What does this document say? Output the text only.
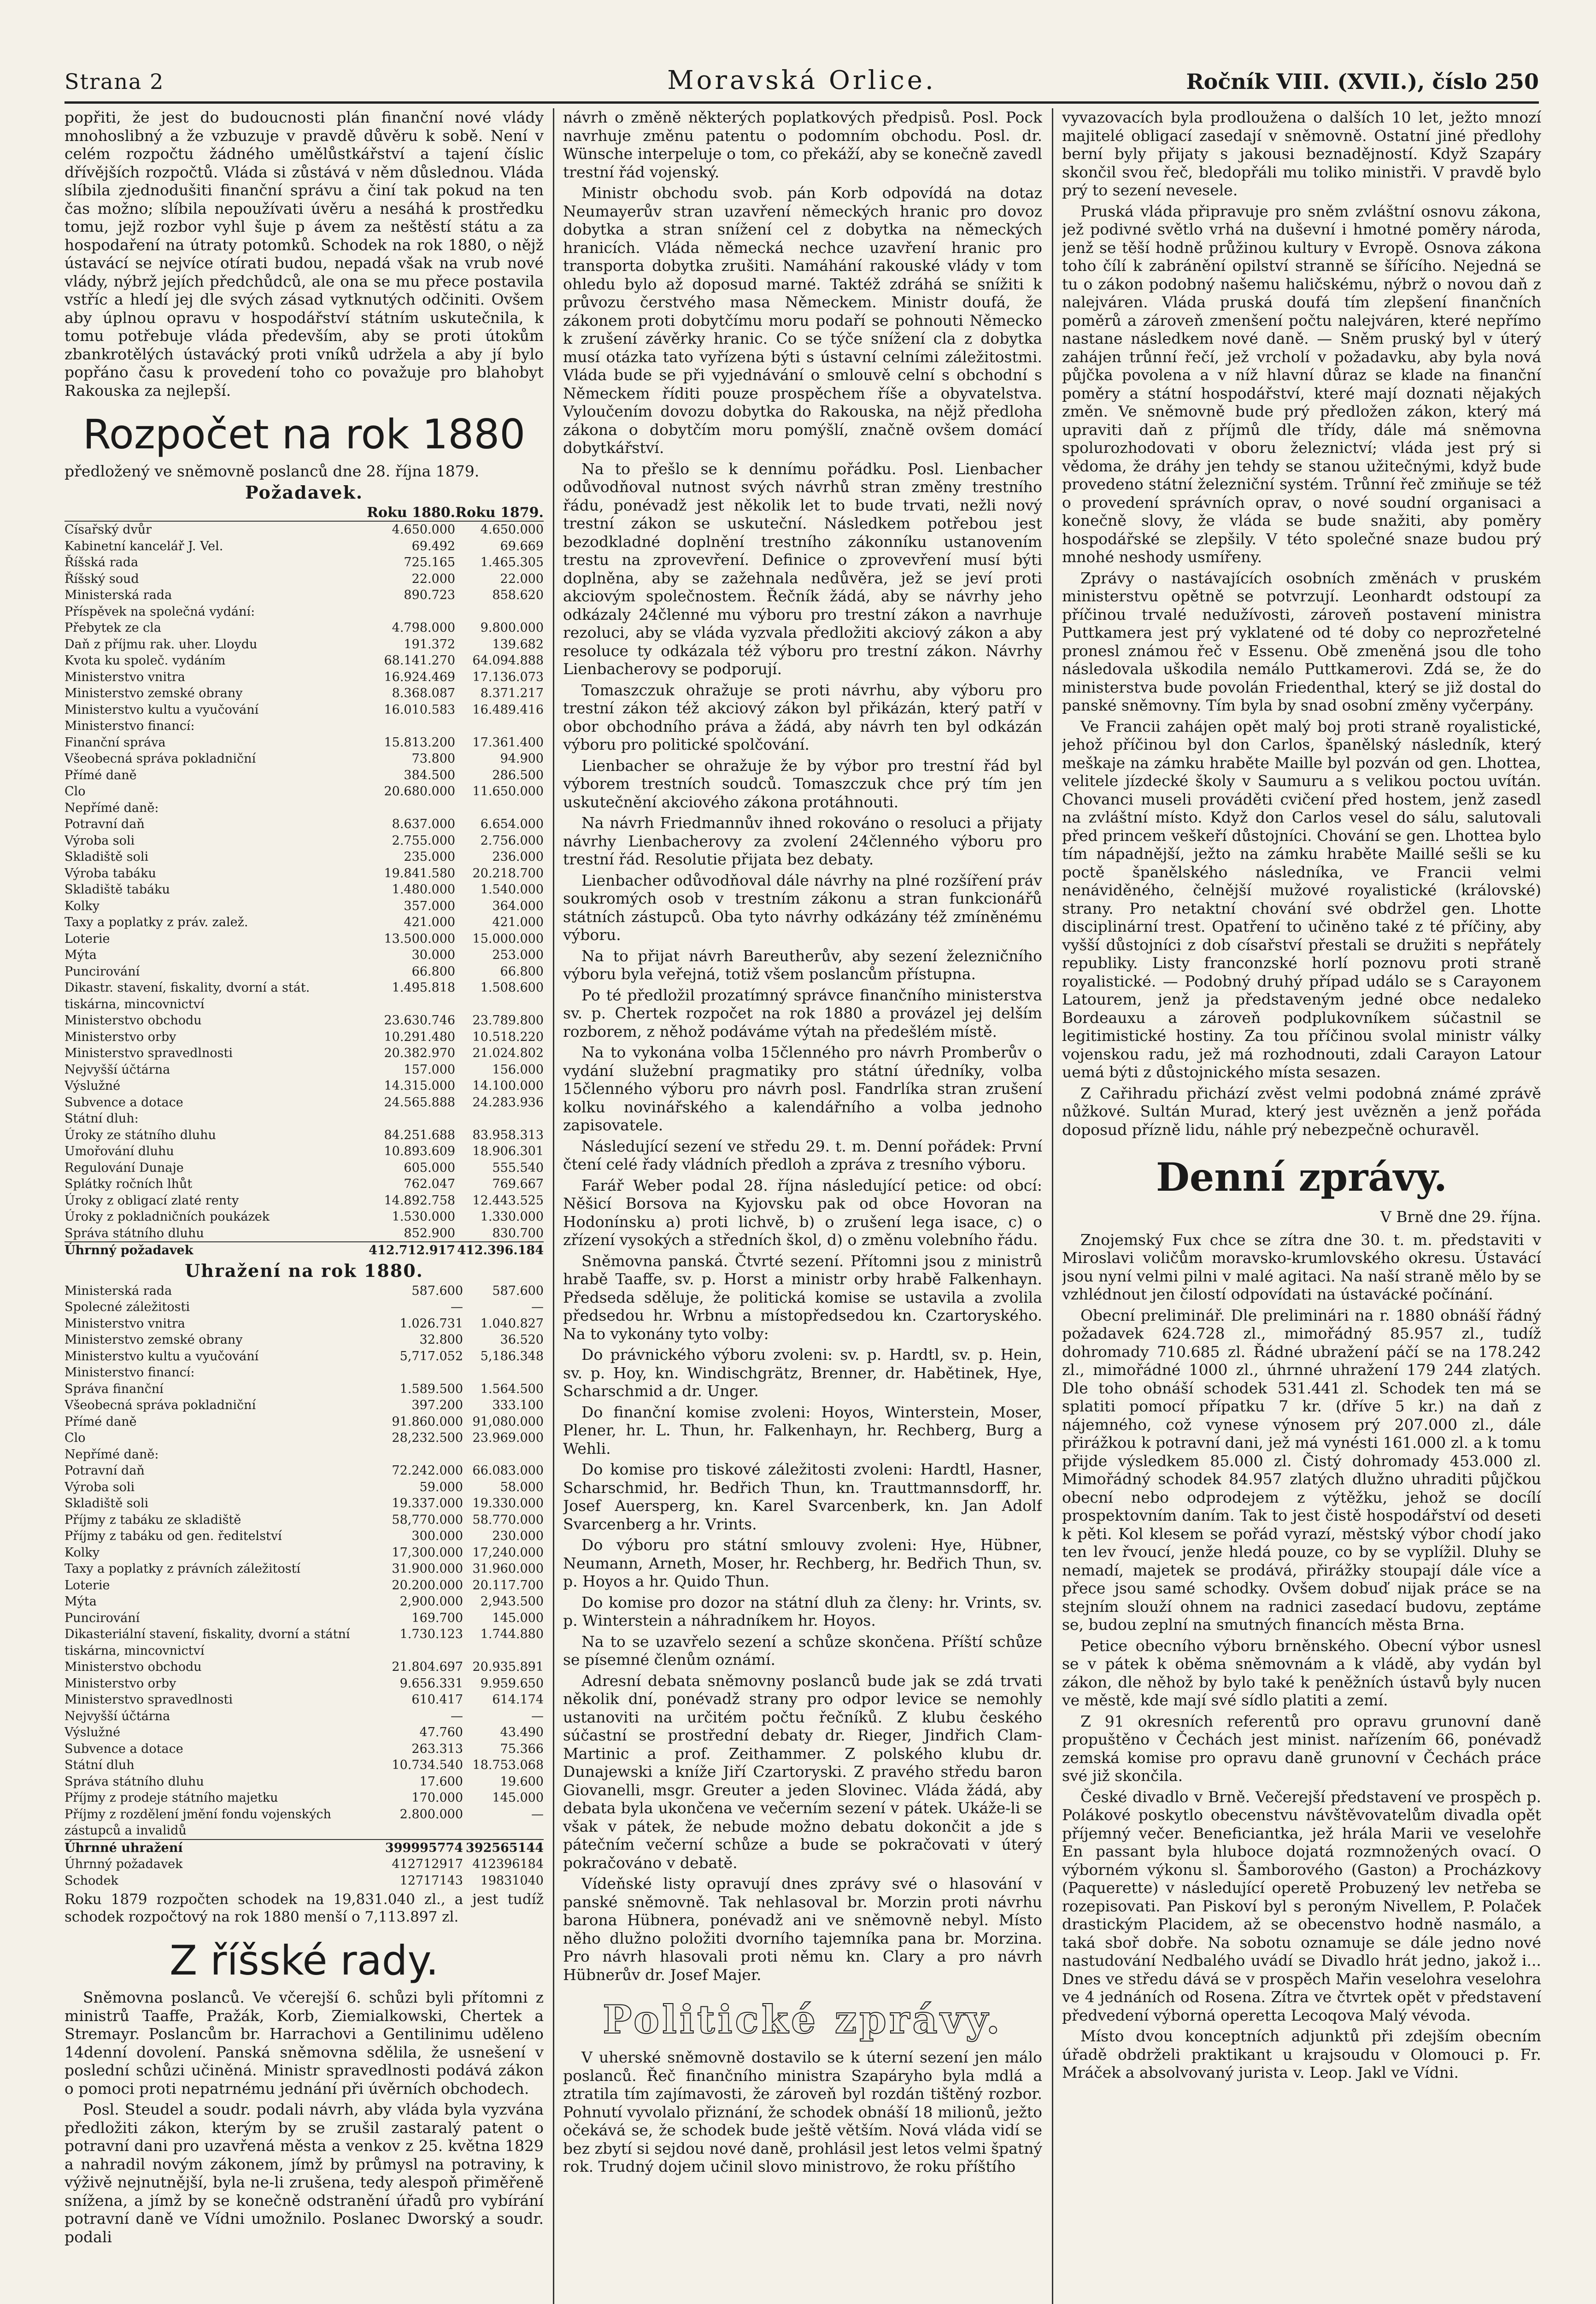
Strana 2	Moravská Orlice.	Ročník VIII. (XVII.), číslo 250

popřiti, že jest do budoucnosti plán finanční nové vlády mnohoslibný a že vzbuzuje v pravdě důvěru k sobě. Není v celém rozpočtu žádného umělůstkářství a tajení číslic dřívějších rozpočtů. Vláda si zůstává v něm důslednou. Vláda slíbila zjednodušiti finanční správu a činí tak pokud na ten čas možno; slíbila nepoužívati úvěru a nesáhá k prostředku tomu, jejž rozbor vyhl šuje p ávem za neštěstí státu a za hospodaření na útraty potomků. Schodek na rok 1880, o nějž ústavácí se nejvíce otírati budou, nepadá však na vrub nové vlády, nýbrž jejích předchůdců, ale ona se mu přece postavila vstříc a hledí jej dle svých zásad vytknutých odčiniti. Ovšem aby úplnou opravu v hospodářství státním uskutečnila, k tomu potřebuje vláda především, aby se proti útokům zbankrotělých ústavácký proti vníků udržela a aby jí bylo popřáno času k provedení toho co považuje pro blahobyt Rakouska za nejlepší.

Rozpočet na rok 1880
předložený ve sněmovně poslanců dne 28. října 1879.
Požadavek.
	Roku 1880.	Roku 1879.
Císařský dvůr	4.650.000	4.650.000
Kabinetní kancelář J. Vel.	69.492	69.669
Říšská rada	725.165	1.465.305
Říšský soud	22.000	22.000
Ministerská rada	890.723	858.620
Příspěvek na společná vydání:		
Přebytek ze cla	4.798.000	9.800.000
Daň z příjmu rak. uher. Lloydu	191.372	139.682
Kvota ku společ. vydáním	68.141.270	64.094.888
Ministerstvo vnitra	16.924.469	17.136.073
Ministerstvo zemské obrany	8.368.087	8.371.217
Ministerstvo kultu a vyučování	16.010.583	16.489.416
Ministerstvo financí:		
Finanční správa	15.813.200	17.361.400
Všeobecná správa pokladniční	73.800	94.900
Přímé daně	384.500	286.500
Clo	20.680.000	11.650.000
Nepřímé daně:		
Potravní daň	8.637.000	6.654.000
Výroba soli	2.755.000	2.756.000
Skladiště soli	235.000	236.000
Výroba tabáku	19.841.580	20.218.700
Skladiště tabáku	1.480.000	1.540.000
Kolky	357.000	364.000
Taxy a poplatky z práv. zalež.	421.000	421.000
Loterie	13.500.000	15.000.000
Mýta	30.000	253.000
Puncirování	66.800	66.800
Dikastr. stavení, fiskality, dvorní a stát. tiskárna, mincovnictví	1.495.818	1.508.600
Ministerstvo obchodu	23.630.746	23.789.800
Ministerstvo orby	10.291.480	10.518.220
Ministerstvo spravedlnosti	20.382.970	21.024.802
Nejvyšší účtárna	157.000	156.000
Výslužné	14.315.000	14.100.000
Subvence a dotace	24.565.888	24.283.936
Státní dluh:		
Úroky ze státního dluhu	84.251.688	83.958.313
Umořování dluhu	10.893.609	18.906.301
Regulování Dunaje	605.000	555.540
Splátky ročních lhůt	762.047	769.667
Úroky z obligací zlaté renty	14.892.758	12.443.525
Úroky z pokladničních poukázek	1.530.000	1.330.000
Správa státního dluhu	852.900	830.700
Úhrnný požadavek	412.712.917	412.396.184
Uhražení na rok 1880.
Ministerská rada	587.600	587.600
Spolecné záležitosti	—	—
Ministerstvo vnitra	1.026.731	1.040.827
Ministerstvo zemské obrany	32.800	36.520
Ministerstvo kultu a vyučování	5,717.052	5,186.348
Ministerstvo financí:		
Správa finanční	1.589.500	1.564.500
Všeobecná správa pokladniční	397.200	333.100
Přímé daně	91.860.000	91,080.000
Clo	28,232.500	23.969.000
Nepřímé daně:		
Potravní daň	72.242.000	66.083.000
Výroba soli	59.000	58.000
Skladiště soli	19.337.000	19.330.000
Příjmy z tabáku ze skladiště	58,770.000	58.770.000
Příjmy z tabáku od gen. ředitelství	300.000	230.000
Kolky	17,300.000	17,240.000
Taxy a poplatky z právních záležitostí	31.900.000	31.960.000
Loterie	20.200.000	20.117.700
Mýta	2,900.000	2,943.500
Puncirování	169.700	145.000
Dikasteriální stavení, fiskality, dvorní a státní tiskárna, mincovnictví	1.730.123	1.744.880
Ministerstvo obchodu	21.804.697	20.935.891
Ministerstvo orby	9.656.331	9.959.650
Ministerstvo spravedlnosti	610.417	614.174
Nejvyšší účtárna	—	—
Výslužné	47.760	43.490
Subvence a dotace	263.313	75.366
Státní dluh	10.734.540	18.753.068
Správa státního dluhu	17.600	19.600
Příjmy z prodeje státního majetku	170.000	145.000
Příjmy z rozdělení jmění fondu vojenských zástupců a invalidů	2.800.000	—
Úhrnné uhražení	399995774	392565144
Úhrnný požadavek	412712917	412396184
Schodek	12717143	19831040
Roku 1879 rozpočten schodek na 19,831.040 zl., a jest tudíž schodek rozpočtový na rok 1880 menší o 7,113.897 zl.
Z říšské rady.

Sněmovna poslanců. Ve včerejší 6. schůzi byli přítomni z ministrů Taaffe, Pražák, Korb, Ziemialkowski, Chertek a Stremayr. Poslancům br. Harrachovi a Gentilinimu uděleno 14denní dovolení. Panská sněmovna sdělila, že usnešení v poslední schůzi učiněná. Ministr spravedlnosti podává zákon o pomoci proti nepatrnému jednání při úvěrních obchodech.

Posl. Steudel a soudr. podali návrh, aby vláda byla vyzvána předložiti zákon, kterým by se zrušil zastaralý patent o potravní dani pro uzavřená města a venkov z 25. května 1829 a nahradil novým zákonem, jímž by průmysl na potraviny, k výživě nejnutnější, byla ne-li zrušena, tedy alespoň přiměřeně snížena, a jímž by se konečně odstranění úřadů pro vybírání potravní daně ve Vídni umožnilo. Poslanec Dworský a soudr. podali

návrh o změně některých poplatkových předpisů. Posl. Pock navrhuje změnu patentu o podomním obchodu. Posl. dr. Wünsche interpeluje o tom, co překáží, aby se konečně zavedl trestní řád vojenský.

Ministr obchodu svob. pán Korb odpovídá na dotaz Neumayerův stran uzavření německých hranic pro dovoz dobytka a stran snížení cel z dobytka na německých hranicích. Vláda německá nechce uzavření hranic pro transporta dobytka zrušiti. Namáhání rakouské vlády v tom ohledu bylo až doposud marné. Taktéž zdráhá se snížiti k průvozu čerstvého masa Německem. Ministr doufá, že zákonem proti dobytčímu moru podaří se pohnouti Německo k zrušení závěrky hranic. Co se týče snížení cla z dobytka musí otázka tato vyřízena býti s ústavní celními záležitostmi. Vláda bude se při vyjednávání o smlouvě celní s obchodní s Německem říditi pouze prospěchem říše a obyvatelstva. Vyloučením dovozu dobytka do Rakouska, na nějž předloha zákona o dobytčím moru pomýšlí, značně ovšem domácí dobytkářství.

Na to přešlo se k dennímu pořádku. Posl. Lienbacher odůvodňoval nutnost svých návrhů stran změny trestního řádu, ponévadž jest několik let to bude trvati, nežli nový trestní zákon se uskuteční. Následkem potřebou jest bezodkladné doplnění trestního zákonníku ustanovením trestu na zprovevření. Definice o zprovevření musí býti doplněna, aby se zažehnala nedůvěra, jež se jeví proti akciovým společnostem. Řečník žádá, aby se návrhy jeho odkázaly 24členné mu výboru pro trestní zákon a navrhuje rezoluci, aby se vláda vyzvala předložiti akciový zákon a aby resoluce ty odkázala též výboru pro trestní zákon. Návrhy Lienbacherovy se podporují.

Tomaszczuk ohražuje se proti návrhu, aby výboru pro trestní zákon též akciový zákon byl přikázán, který patří v obor obchodního práva a žádá, aby návrh ten byl odkázán výboru pro politické spolčování.

Lienbacher se ohražuje že by výbor pro trestní řád byl výborem trestních soudců. Tomaszczuk chce prý tím jen uskutečnění akciového zákona protáhnouti.

Na návrh Friedmannův ihned rokováno o resoluci a přijaty návrhy Lienbacherovy za zvolení 24členného výboru pro trestní řád. Resolutie přijata bez debaty.

Lienbacher odůvodňoval dále návrhy na plné rozšíření práv soukromých osob v trestním zákonu a stran funkcionářů státních zástupců. Oba tyto návrhy odkázány též zmíněnému výboru.

Na to přijat návrh Bareutherův, aby sezení železničního výboru byla veřejná, totiž všem poslancům přístupna.

Po té předložil prozatímný správce finančního ministerstva sv. p. Chertek rozpočet na rok 1880 a provázel jej delším rozborem, z něhož podáváme výtah na předešlém místě.

Na to vykonána volba 15členného pro návrh Promberův o vydání služební pragmatiky pro státní úředníky, volba 15členného výboru pro návrh posl. Fandrlíka stran zrušení kolku novinářského a kalendářního a volba jednoho zapisovatele.

Následující sezení ve středu 29. t. m. Denní pořádek: První čtení celé řady vládních předloh a zpráva z tresního výboru.

Farář Weber podal 28. října následující petice: od obcí: Něšicí Borsova na Kyjovsku pak od obce Hovoran na Hodonínsku a) proti lichvě, b) o zrušení lega isace, c) o zřízení vysokých a středních škol, d) o změnu volebního řádu.

Sněmovna panská. Čtvrté sezení. Přítomni jsou z ministrů hrabě Taaffe, sv. p. Horst a ministr orby hrabě Falkenhayn. Předseda sděluje, že politická komise se ustavila a zvolila předsedou hr. Wrbnu a místopředsedou kn. Czartoryského. Na to vykonány tyto volby:

Do právnického výboru zvoleni: sv. p. Hardtl, sv. p. Hein, sv. p. Hoy, kn. Windischgrätz, Brenner, dr. Habětinek, Hye, Scharschmid a dr. Unger.

Do finanční komise zvoleni: Hoyos, Winterstein, Moser, Plener, hr. L. Thun, hr. Falkenhayn, hr. Rechberg, Burg a Wehli.

Do komise pro tiskové záležitosti zvoleni: Hardtl, Hasner, Scharschmid, hr. Bedřich Thun, kn. Trauttmannsdorff, hr. Josef Auersperg, kn. Karel Svarcenberk, kn. Jan Adolf Svarcenberg a hr. Vrints.

Do výboru pro státní smlouvy zvoleni: Hye, Hübner, Neumann, Arneth, Moser, hr. Rechberg, hr. Bedřich Thun, sv. p. Hoyos a hr. Quido Thun.

Do komise pro dozor na státní dluh za členy: hr. Vrints, sv. p. Winterstein a náhradníkem hr. Hoyos.

Na to se uzavřelo sezení a schůze skončena. Příští schůze se písemné členům oznámí.

Adresní debata sněmovny poslanců bude jak se zdá trvati několik dní, ponévadž strany pro odpor levice se nemohly ustanoviti na určitém počtu řečníků. Z klubu českého súčastní se prostřední debaty dr. Rieger, Jindřich Clam-Martinic a prof. Zeithammer. Z polského klubu dr. Dunajewski a kníže Jiří Czartoryski. Z pravého středu baron Giovanelli, msgr. Greuter a jeden Slovinec. Vláda žádá, aby debata byla ukončena ve večerním sezení v pátek. Ukáže-li se však v pátek, že nebude možno debatu dokončit a jde s pátečním večerní schůze a bude se pokračovati v úterý pokračováno v debatě.

Vídeňské listy opravují dnes zprávy své o hlasování v panské sněmovně. Tak nehlasoval br. Morzin proti návrhu barona Hübnera, ponévadž ani ve sněmovně nebyl. Místo něho dlužno položiti dvorního tajemníka pana br. Morzina. Pro návrh hlasovali proti němu kn. Clary a pro návrh Hübnerův dr. Josef Majer.

Politické zprávy.

V uherské sněmovně dostavilo se k úterní sezení jen málo poslanců. Řeč finančního ministra Szapáryho byla mdlá a ztratila tím zajímavosti, že zároveň byl rozdán tištěný rozbor. Pohnutí vyvolalo přiznání, že schodek obnáší 18 milionů, ježto očekává se, že schodek bude ještě větším. Nová vláda vidí se bez zbytí si sejdou nové daně, prohlásil jest letos velmi špatný rok. Trudný dojem učinil slovo ministrovo, že roku příštího

vyvazovacích byla prodloužena o dalších 10 let, ježto mnozí majitelé obligací zasedají v sněmovně. Ostatní jiné předlohy berní byly přijaty s jakousi beznadějností. Když Szapáry skončil svou řeč, bledopřáli mu toliko ministři. V pravdě bylo prý to sezení nevesele.

Pruská vláda připravuje pro sněm zvláštní osnovu zákona, jež podivné světlo vrhá na duševní i hmotné poměry národa, jenž se těší hodně průžinou kultury v Evropě. Osnova zákona toho čílí k zabránění opilství stranně se šířícího. Nejedná se tu o zákon podobný našemu haličskému, nýbrž o novou daň z nalejváren. Vláda pruská doufá tím zlepšení finančních poměrů a zároveň zmenšení počtu nalejváren, které nepřímo nastane následkem nové daně. — Sněm pruský byl v úterý zahájen trůnní řečí, jež vrcholí v požadavku, aby byla nová půjčka povolena a v níž hlavní důraz se klade na finanční poměry a státní hospodářství, které mají doznati nějakých změn. Ve sněmovně bude prý předložen zákon, který má upraviti daň z příjmů dle třídy, dále má sněmovna spolurozhodovati v oboru železnictví; vláda jest prý si vědoma, že dráhy jen tehdy se stanou užitečnými, když bude provedeno státní železniční systém. Trůnní řeč zmiňuje se též o provedení správních oprav, o nové soudní organisaci a konečně slovy, že vláda se bude snažiti, aby poměry hospodářské se zlepšily. V této společné snaze budou prý mnohé neshody usmířeny.

Zprávy o nastávajících osobních změnách v pruském ministerstvu opětně se potvrzují. Leonhardt odstoupí za příčinou trvalé nedužívosti, zároveň postavení ministra Puttkamera jest prý vyklatené od té doby co neprozřetelné pronesl známou řeč v Essenu. Obě zmeněná jsou dle toho následovala uškodila nemálo Puttkamerovi. Zdá se, že do ministerstva bude povolán Friedenthal, který se již dostal do panské sněmovny. Tím byla by snad osobní změny vyčerpány.

Ve Francii zahájen opět malý boj proti straně royalistické, jehož příčinou byl don Carlos, španělský následník, který meškaje na zámku hraběte Maille byl pozván od gen. Lhottea, velitele jízdecké školy v Saumuru a s velikou poctou uvítán. Chovanci museli prováděti cvičení před hostem, jenž zasedl na zvláštní místo. Když don Carlos vesel do sálu, salutovali před princem veškeří důstojníci. Chování se gen. Lhottea bylo tím nápadnější, ježto na zámku hraběte Maillé sešli se ku poctě španělského následníka, ve Francii velmi nenáviděného, čelnější mužové royalistické (královské) strany. Pro netaktní chování své obdržel gen. Lhotte disciplinární trest. Opatření to učiněno také z té příčiny, aby vyšší důstojníci z dob císařství přestali se družiti s nepřátely republiky. Listy franconzské horlí poznovu proti straně royalistické. — Podobný druhý případ událo se s Carayonem Latourem, jenž ja představeným jedné obce nedaleko Bordeauxu a zároveň podplukovníkem súčastnil se legitimistické hostiny. Za tou příčinou svolal ministr války vojenskou radu, jež má rozhodnouti, zdali Carayon Latour uemá býti z důstojnického místa sesazen.

Z Cařihradu přichází zvěst velmi podobná známé zprávě nůžkové. Sultán Murad, který jest uvězněn a jenž pořáda doposud přízně lidu, náhle prý nebezpečně ochuravěl.

Denní zprávy.
V Brně dne 29. října.

Znojemský Fux chce se zítra dne 30. t. m. představiti v Miroslavi voličům moravsko-krumlovského okresu. Ústavácí jsou nyní velmi pilni v malé agitaci. Na naší straně mělo by se vzhlédnout jen čilostí odpovídati na ústavácké počínání.

Obecní preliminář. Dle preliminári na r. 1880 obnáší řádný požadavek 624.728 zl., mimořádný 85.957 zl., tudíž dohromady 710.685 zl. Řádné ubražení páčí se na 178.242 zl., mimořádné 1000 zl., úhrnné uhražení 179 244 zlatých. Dle toho obnáší schodek 531.441 zl. Schodek ten má se splatiti pomocí přípatku 7 kr. (dříve 5 kr.) na daň z nájemného, což vynese výnosem prý 207.000 zl., dále přirážkou k potravní dani, jež má vynésti 161.000 zl. a k tomu přijde výsledkem 85.000 zl. Čistý dohromady 453.000 zl. Mimořádný schodek 84.957 zlatých dlužno uhraditi půjčkou obecní nebo odprodejem z výtěžku, jehož se docílí prospektovním daním. Tak to jest čistě hospodářství od deseti k pěti. Kol klesem se pořád vyrazí, městský výbor chodí jako ten lev řvoucí, jenže hledá pouze, co by se vyplížil. Dluhy se nemadí, majetek se prodává, přirážky stoupají dále více a přece jsou samé schodky. Ovšem dobuď nijak práce se na stejním slouží ohnem na radnici zasedací budovu, zeptáme se, budou zeplní na smutných financích města Brna.

Petice obecního výboru brněnského. Obecní výbor usnesl se v pátek k oběma sněmovnám a k vládě, aby vydán byl zákon, dle něhož by bylo také k peněžních ústavů byly nucen ve městě, kde mají své sídlo platiti a zemí.

Z 91 okresních referentů pro opravu grunovní daně propuštěno v Čechách jest minist. nařízením 66, ponévadž zemská komise pro opravu daně grunovní v Čechách práce své již skončila.

České divadlo v Brně. Večerejší představení ve prospěch p. Polákové poskytlo obecenstvu návštěvovatelům divadla opět příjemný večer. Beneficiantka, jež hrála Marii ve veselohře En passant byla hluboce dojatá rozmnožených ovací. O výborném výkonu sl. Šamborového (Gaston) a Procházkovy (Paquerette) v následující operetě Probuzený lev netřeba se rozepisovati. Pan Piskoví byl s peroným Nivellem, P. Polaček drastickým Placidem, až se obecenstvo hodně nasmálo, a taká sboř dobře. Na sobotu oznamuje se dále jedno nové nastudování Nedbalého uvádí se Divadlo hrát jedno, jakož i... Dnes ve středu dává se v prospěch Mařin veselohra veselohra ve 4 jednáních od Rosena. Zítra ve čtvrtek opět v představení předvedení výborná operetta Lecoqova Malý vévoda.

Místo dvou konceptních adjunktů při zdejším obecním úřadě obdrželi praktikant u krajsoudu v Olomouci p. Fr. Mráček a absolvovaný jurista v. Leop. Jakl ve Vídni.
